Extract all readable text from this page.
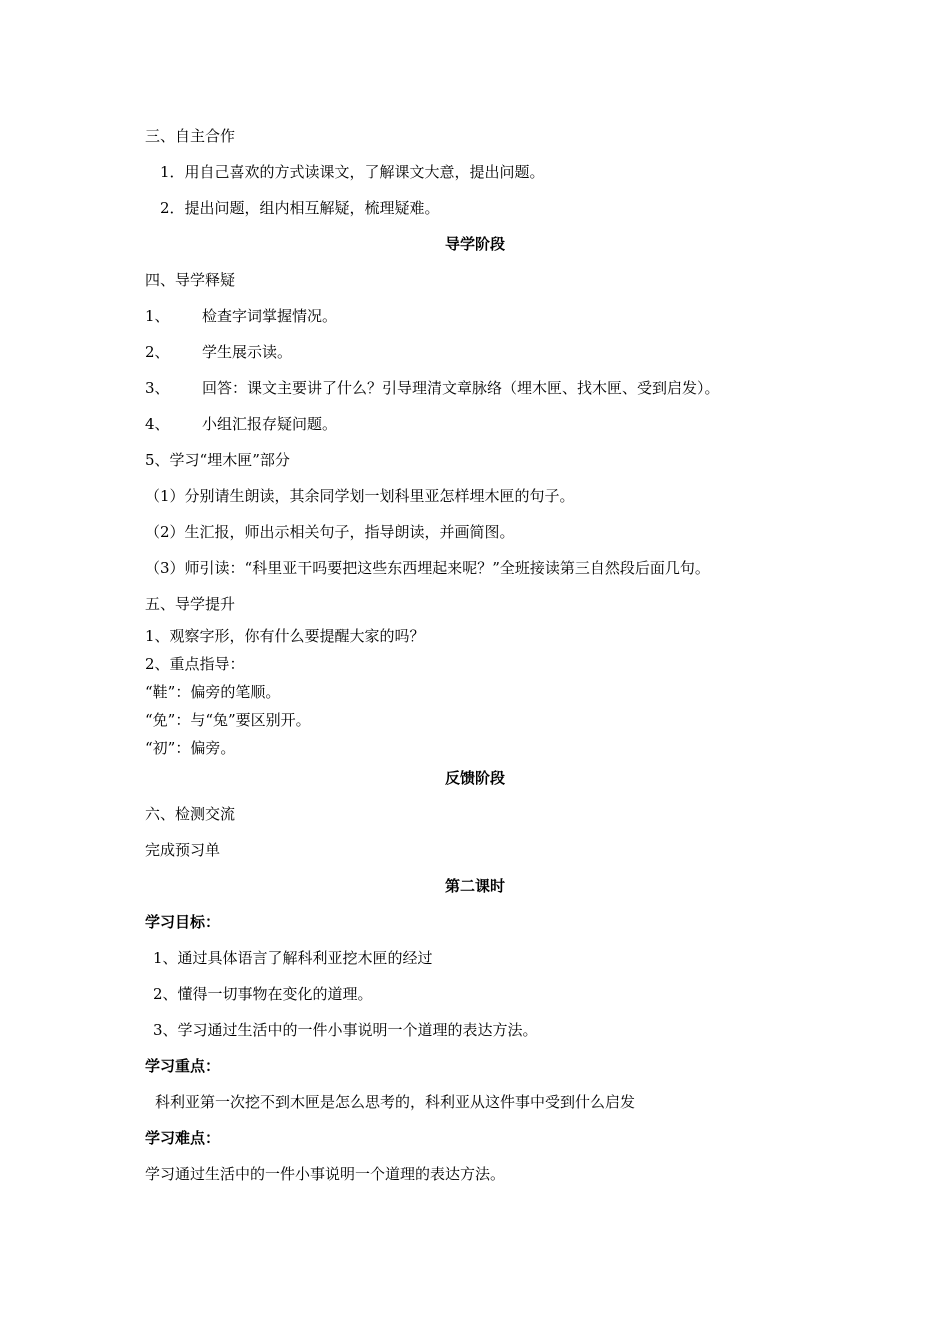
三、自主合作
1．用自己喜欢的方式读课文，了解课文大意，提出问题。
2．提出问题，组内相互解疑，梳理疑难。
导学阶段
四、导学释疑
1、 检查字词掌握情况。
2、 学生展示读。
3、 回答：课文主要讲了什么？引导理清文章脉络（埋木匣、找木匣、受到启发）。
4、 小组汇报存疑问题。
5、学习“埋木匣”部分
（1）分别请生朗读，其余同学划一划科里亚怎样埋木匣的句子。
（2）生汇报，师出示相关句子，指导朗读，并画简图。
（3）师引读：“科里亚干吗要把这些东西埋起来呢？”全班接读第三自然段后面几句。
五、导学提升
1、观察字形，你有什么要提醒大家的吗？
2、重点指导：
“鞋”：偏旁的笔顺。
“免”：与“兔”要区别开。
“初”：偏旁。
反馈阶段
六、检测交流
完成预习单
第二课时
学习目标：
1、通过具体语言了解科利亚挖木匣的经过
2、懂得一切事物在变化的道理。
3、学习通过生活中的一件小事说明一个道理的表达方法。
学习重点：
科利亚第一次挖不到木匣是怎么思考的，科利亚从这件事中受到什么启发
学习难点：
学习通过生活中的一件小事说明一个道理的表达方法。
